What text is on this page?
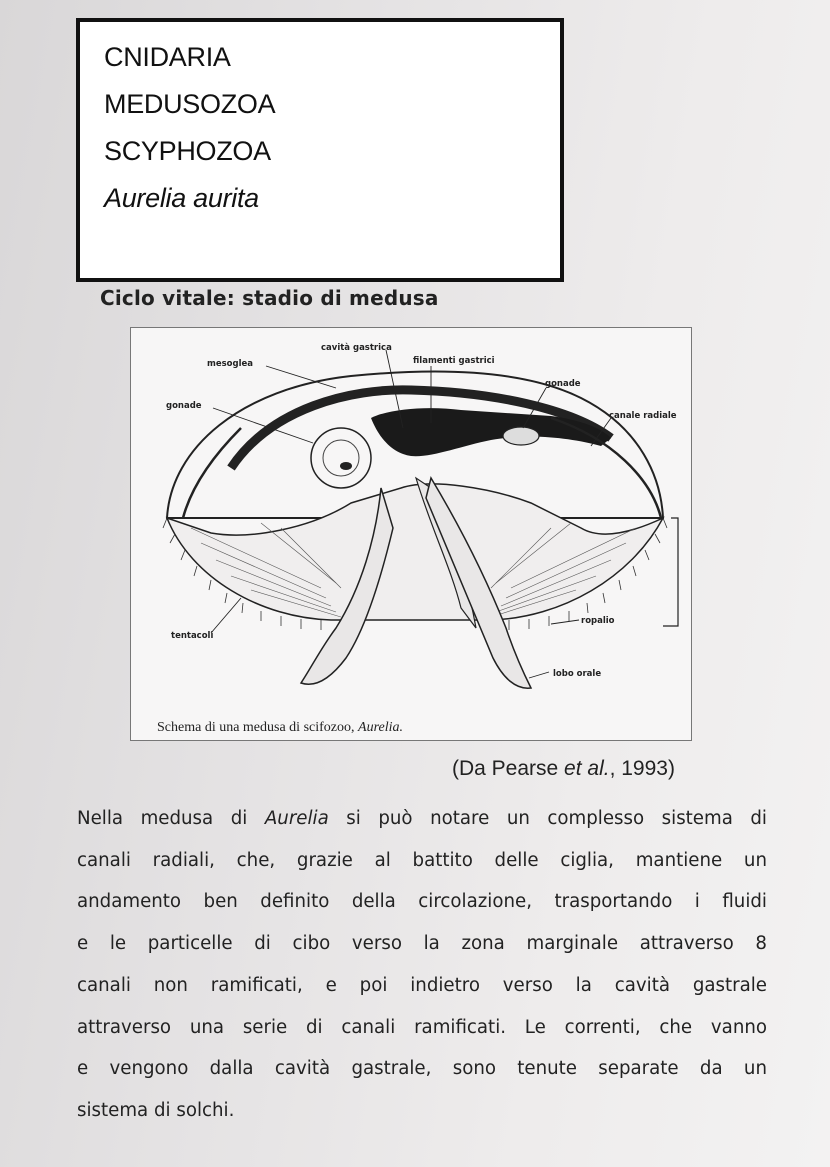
CNIDARIA
MEDUSOZOA
SCYPHOZOA
Aurelia aurita
Ciclo vitale: stadio di medusa
cavità gastrica
mesoglea	filamenti gastrici
gonade
gonade
canale radiale
tentacoli
ropalio
lobo orale
Schema di una medusa di scifozoo, Aurelia.
(Da Pearse et al., 1993)
Nella medusa di Aurelia si può notare un complesso sistema di
canali radiali, che, grazie al battito delle ciglia, mantiene un
andamento ben definito della circolazione, trasportando i fluidi
e le particelle di cibo verso la zona marginale attraverso 8
canali non ramificati, e poi indietro verso la cavità gastrale
attraverso una serie di canali ramificati. Le correnti, che vanno
e vengono dalla cavità gastrale, sono tenute separate da un
sistema di solchi.
